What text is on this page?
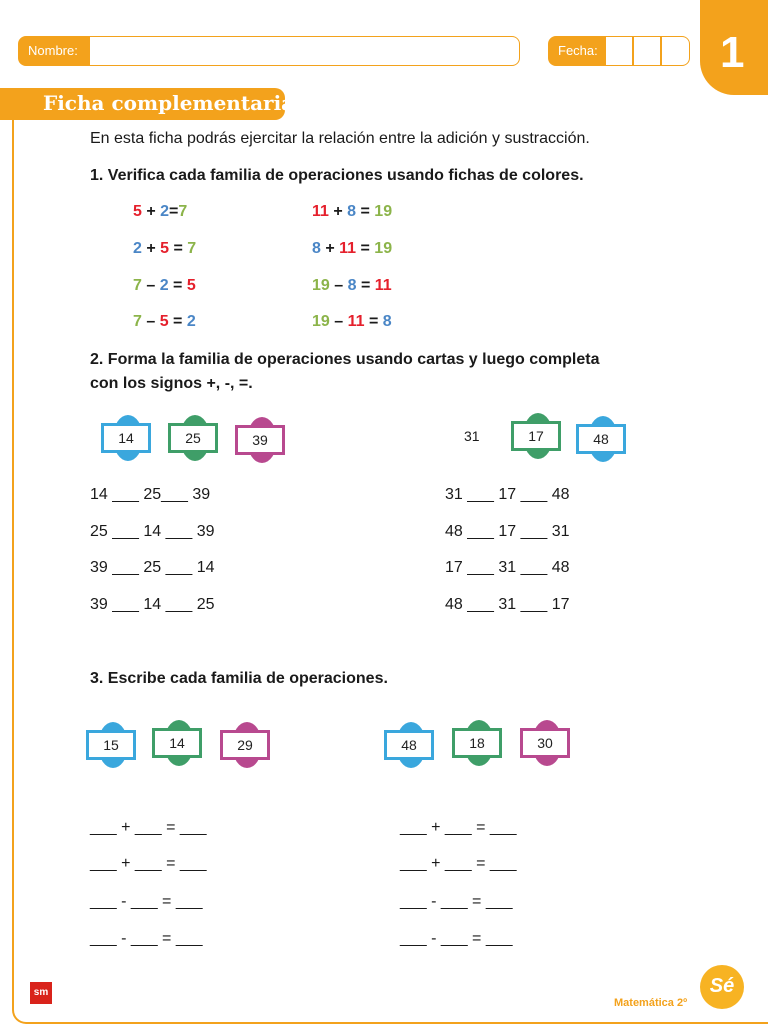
Nombre:	Fecha:	1
Ficha complementaria
En esta ficha podrás ejercitar la relación entre la adición y sustracción.
1. Verifica cada familia de operaciones usando fichas de colores.
5 + 2=7
2 + 5 = 7
7 – 2 = 5
7 – 5 = 2
11 + 8 = 19
8 + 11 = 19
19 – 8 = 11
19 – 11 = 8
2. Forma la familia de operaciones usando cartas y luego completa
con los signos +, -, =.
14	25	39	31	17	48
14 ___ 25___ 39
25 ___ 14 ___ 39
39 ___ 25 ___ 14
39 ___ 14 ___ 25
31 ___ 17 ___ 48
48 ___ 17 ___ 31
17 ___ 31 ___ 48
48 ___ 31 ___ 17
3. Escribe cada familia de operaciones.
15	14	29	48	18	30
___ + ___ = ___
___ + ___ = ___
___ - ___ = ___
___ - ___ = ___
___ + ___ = ___
___ + ___ = ___
___ - ___ = ___
___ - ___ = ___
sm
Matemática 2º
Sé
